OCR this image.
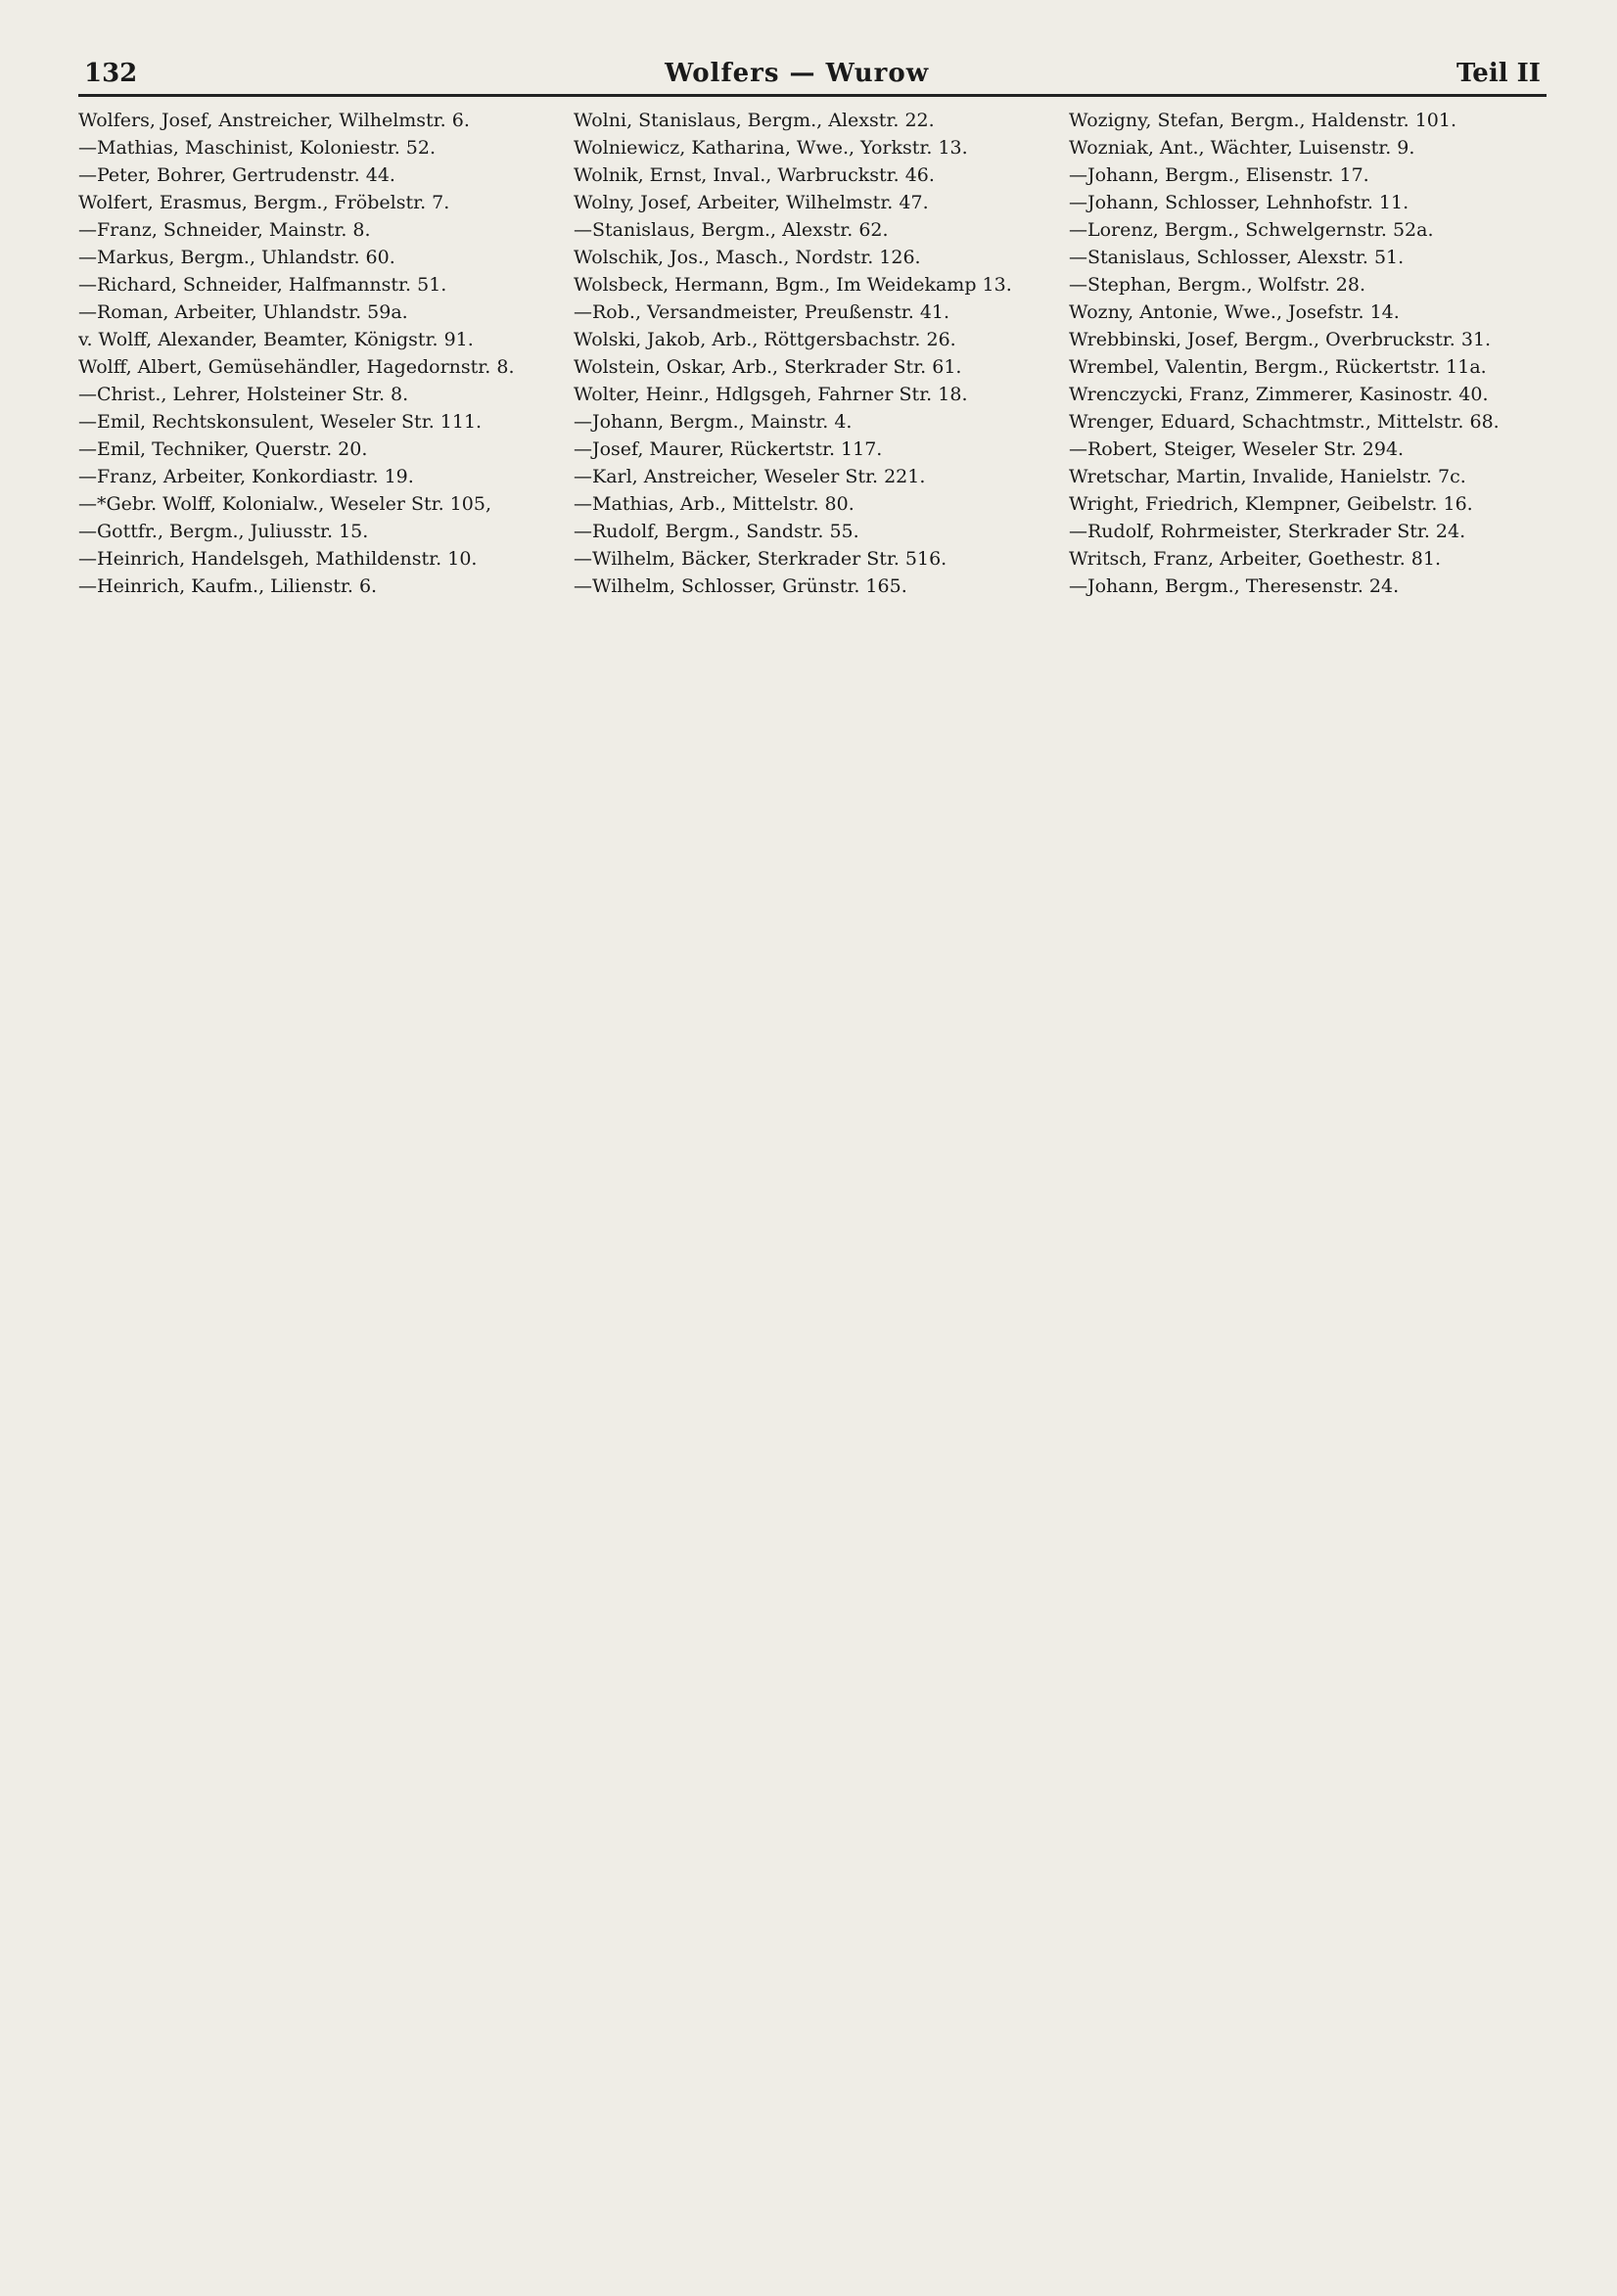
132	Wolfers — Wurow	Teil II
Wolfers, Josef, Anstreicher, Wilhelmstr. 6.
—Mathias, Maschinist, Koloniestr. 52.
—Peter, Bohrer, Gertrudenstr. 44.
Wolfert, Erasmus, Bergm., Fröbelstr. 7.
—Franz, Schneider, Mainstr. 8.
—Markus, Bergm., Uhlandstr. 60.
—Richard, Schneider, Halfmannstr. 51.
—Roman, Arbeiter, Uhlandstr. 59a.
v. Wolff, Alexander, Beamter, Königstr. 91.
Wolff, Albert, Gemüsehändler, Hagedornstr. 8.
—Christ., Lehrer, Holsteiner Str. 8.
—Emil, Rechtskonsulent, Weseler Str. 111.
—Emil, Techniker, Querstr. 20.
—Franz, Arbeiter, Konkordiastr. 19.
—*Gebr. Wolff, Kolonialw., Weseler Str. 105,
—Gottfr., Bergm., Juliusstr. 15.
—Heinrich, Handelsgeh, Mathildenstr. 10.
—Heinrich, Kaufm., Lilienstr. 6.
Wolni, Stanislaus, Bergm., Alexstr. 22.
Wolniewicz, Katharina, Wwe., Yorkstr. 13.
Wolnik, Ernst, Inval., Warbruckstr. 46.
Wolny, Josef, Arbeiter, Wilhelmstr. 47.
—Stanislaus, Bergm., Alexstr. 62.
Wolschik, Jos., Masch., Nordstr. 126.
Wolsbeck, Hermann, Bgm., Im Weidekamp 13.
—Rob., Versandmeister, Preußenstr. 41.
Wolski, Jakob, Arb., Röttgersbachstr. 26.
Wolstein, Oskar, Arb., Sterkrader Str. 61.
Wolter, Heinr., Hdlgsgeh, Fahrner Str. 18.
—Johann, Bergm., Mainstr. 4.
—Josef, Maurer, Rückertstr. 117.
—Karl, Anstreicher, Weseler Str. 221.
—Mathias, Arb., Mittelstr. 80.
—Rudolf, Bergm., Sandstr. 55.
—Wilhelm, Bäcker, Sterkrader Str. 516.
—Wilhelm, Schlosser, Grünstr. 165.
Wozigny, Stefan, Bergm., Haldenstr. 101.
Wozniak, Ant., Wächter, Luisenstr. 9.
—Johann, Bergm., Elisenstr. 17.
—Johann, Schlosser, Lehnhofstr. 11.
—Lorenz, Bergm., Schwelgernstr. 52a.
—Stanislaus, Schlosser, Alexstr. 51.
—Stephan, Bergm., Wolfstr. 28.
Wozny, Antonie, Wwe., Josefstr. 14.
Wrebbinski, Josef, Bergm., Overbruckstr. 31.
Wrembel, Valentin, Bergm., Rückertstr. 11a.
Wrenczycki, Franz, Zimmerer, Kasinostr. 40.
Wrenger, Eduard, Schachtmstr., Mittelstr. 68.
—Robert, Steiger, Weseler Str. 294.
Wretschar, Martin, Invalide, Hanielstr. 7c.
Wright, Friedrich, Klempner, Geibelstr. 16.
—Rudolf, Rohrmeister, Sterkrader Str. 24.
Writsch, Franz, Arbeiter, Goethestr. 81.
—Johann, Bergm., Theresenstr. 24.
